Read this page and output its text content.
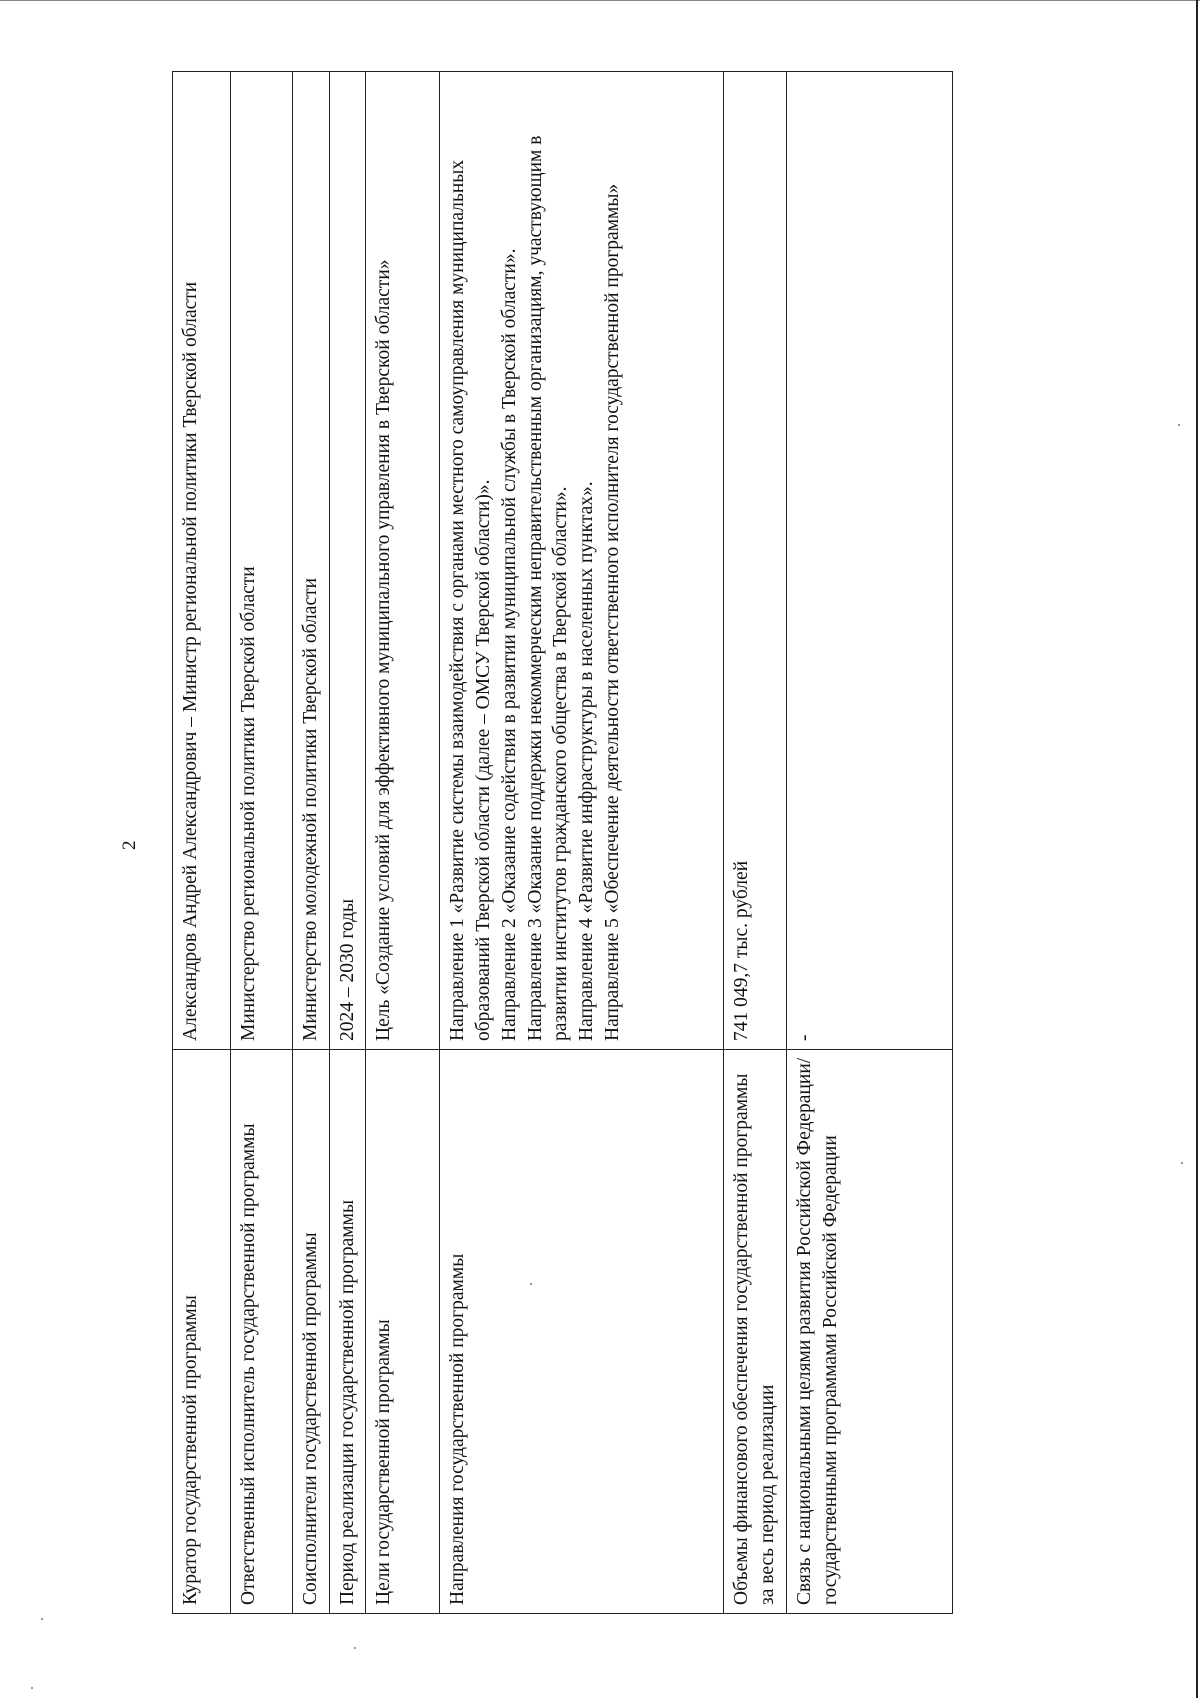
2
Куратор государственной программы	Александров Андрей Александрович – Министр региональной политики Тверской области
Ответственный исполнитель государственной программы	Министерство региональной политики Тверской области
Соисполнители государственной программы	Министерство молодежной политики Тверской области
Период реализации государственной программы	2024 – 2030 годы
Цели государственной программы	Цель «Создание условий для эффективного муниципального управления в Тверской области»
Направления государственной программы	Направление 1 «Развитие системы взаимодействия с органами местного самоуправления муниципальных образований Тверской области (далее – ОМСУ Тверской области)». Направление 2 «Оказание содействия в развитии муниципальной службы в Тверской области». Направление 3 «Оказание поддержки некоммерческим неправительственным организациям, участвующим в развитии институтов гражданского общества в Тверской области». Направление 4 «Развитие инфраструктуры в населенных пунктах». Направление 5 «Обеспечение деятельности ответственного исполнителя государственной программы»

Объемы финансового обеспечения государственной программы за весь период реализации	741 049,7 тыс. рублей
Связь с национальными целями развития Российской Федерации/государственными программами Российской Федерации	-
